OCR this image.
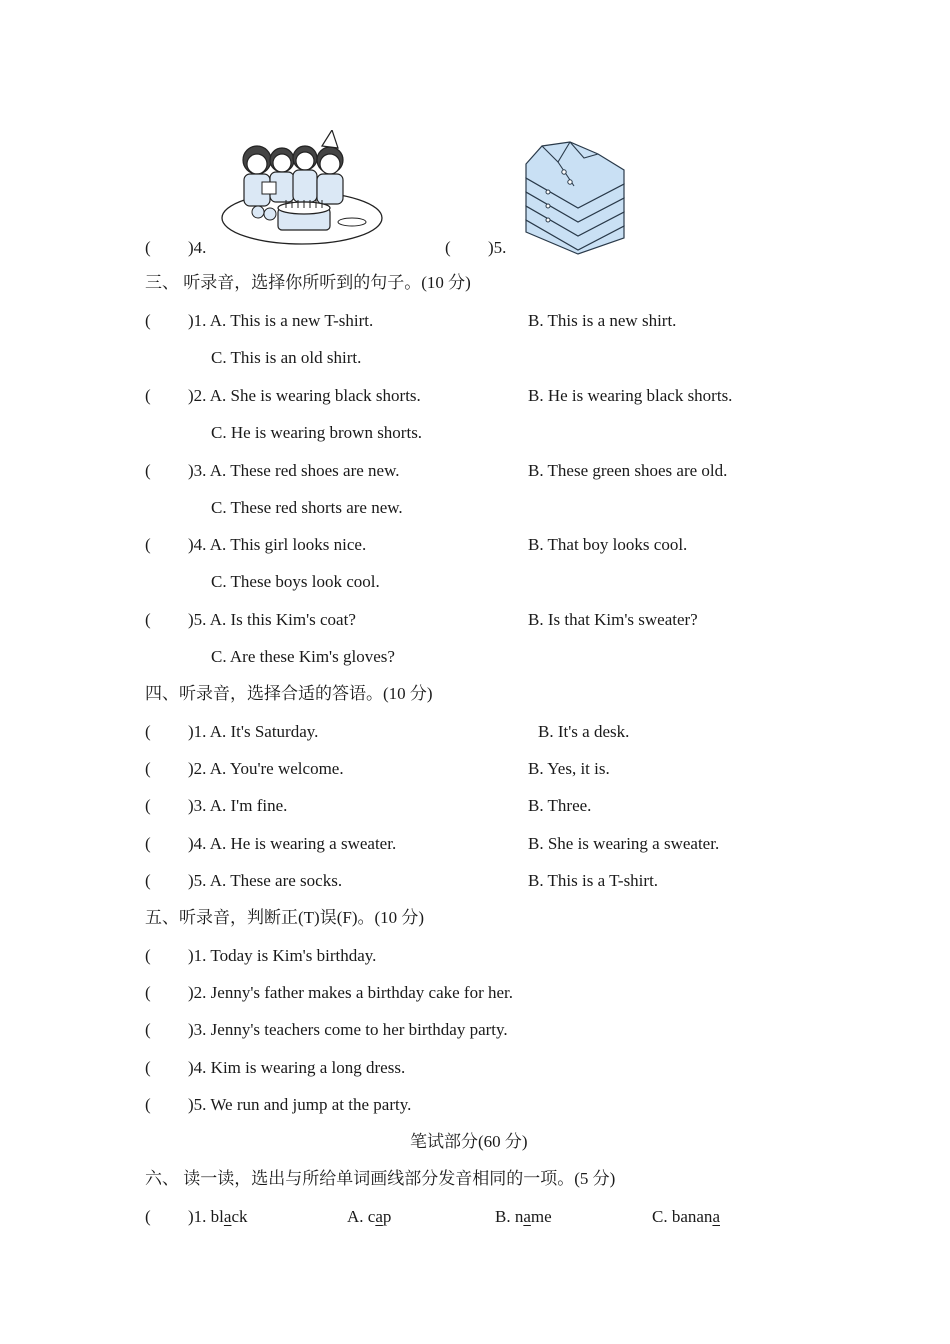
( )4.	( )5.
三、 听录音，选择你所听到的句子。(10 分)
( )1. A. This is a new T-shirt.	B. This is a new shirt.
C. This is an old shirt.
( )2. A. She is wearing black shorts.	B. He is wearing black shorts.
C. He is wearing brown shorts.
( )3. A. These red shoes are new.	B. These green shoes are old.
C. These red shorts are new.
( )4. A. This girl looks nice.	B. That boy looks cool.
C. These boys look cool.
( )5. A. Is this Kim's coat?	B. Is that Kim's sweater?
C. Are these Kim's gloves?
四、听录音，选择合适的答语。(10 分)
( )1. A. It's Saturday.	B. It's a desk.
( )2. A. You're welcome.	B. Yes, it is.
( )3. A. I'm fine.	B. Three.
( )4. A. He is wearing a sweater.	B. She is wearing a sweater.
( )5. A. These are socks.	B. This is a T-shirt.
五、听录音，判断正(T)误(F)。(10 分)
( )1. Today is Kim's birthday.
( )2. Jenny's father makes a birthday cake for her.
( )3. Jenny's teachers come to her birthday party.
( )4. Kim is wearing a long dress.
( )5. We run and jump at the party.
笔试部分(60 分)
六、 读一读，选出与所给单词画线部分发音相同的一项。(5 分)
( )1. black	A. cap	B. name	C. banana
